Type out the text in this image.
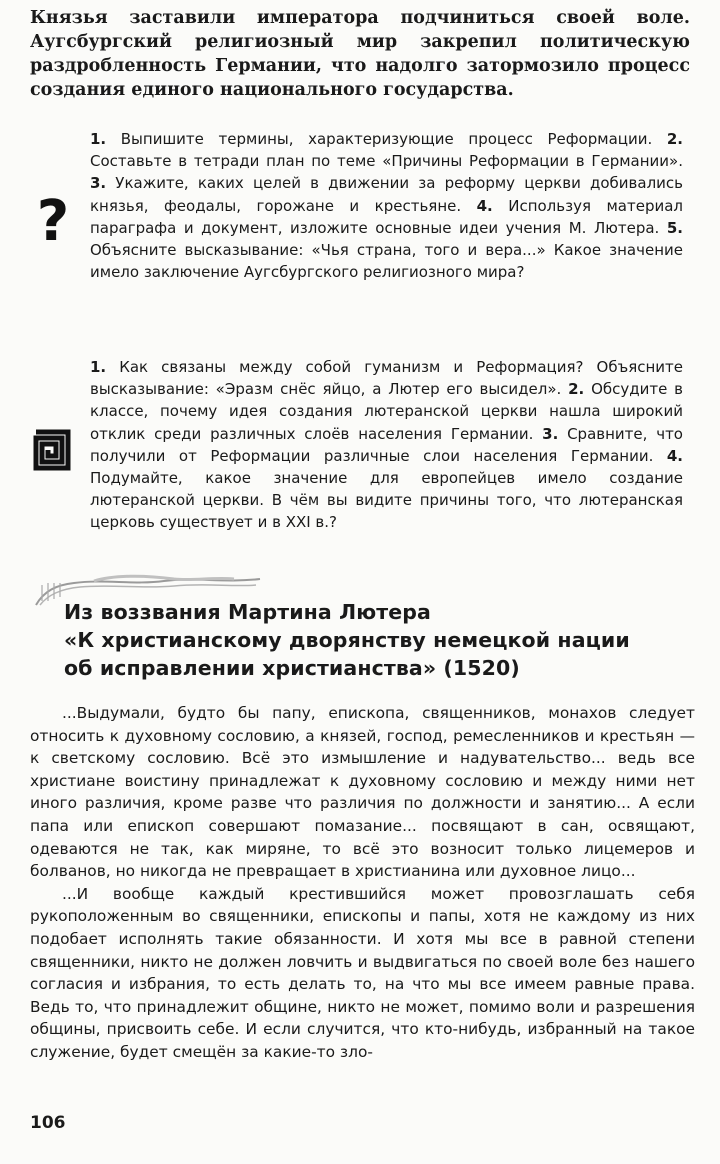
Князья заставили императора подчиниться своей воле. Аугсбургский религиозный мир закрепил политическую раздробленность Германии, что надолго затормозило процесс создания единого национального государства.

?

1. Выпишите термины, характеризующие процесс Реформации. 2. Составьте в тетради план по теме «Причины Реформации в Германии». 3. Укажите, каких целей в движении за реформу церкви добивались князья, феодалы, горожане и крестьяне. 4. Используя материал параграфа и документ, изложите основные идеи учения М. Лютера. 5. Объясните высказывание: «Чья страна, того и вера...» Какое значение имело заключение Аугсбургского религиозного мира?

1. Как связаны между собой гуманизм и Реформация? Объясните высказывание: «Эразм снёс яйцо, а Лютер его высидел». 2. Обсудите в классе, почему идея создания лютеранской церкви нашла широкий отклик среди различных слоёв населения Германии. 3. Сравните, что получили от Реформации различные слои населения Германии. 4. Подумайте, какое значение для европейцев имело создание лютеранской церкви. В чём вы видите причины того, что лютеранская церковь существует и в XXI в.?

Из воззвания Мартина Лютера
«К христианскому дворянству немецкой нации
об исправлении христианства» (1520)

...Выдумали, будто бы папу, епископа, священников, монахов следует относить к духовному сословию, а князей, господ, ремесленников и крестьян — к светскому сословию. Всё это измышление и надувательство... ведь все христиане воистину принадлежат к духовному сословию и между ними нет иного различия, кроме разве что различия по должности и занятию... А если папа или епископ совершают помазание... посвящают в сан, освящают, одеваются не так, как миряне, то всё это возносит только лицемеров и болванов, но никогда не превращает в христианина или духовное лицо...

...И вообще каждый крестившийся может провозглашать себя рукоположенным во священники, епископы и папы, хотя не каждому из них подобает исполнять такие обязанности. И хотя мы все в равной степени священники, никто не должен ловчить и выдвигаться по своей воле без нашего согласия и избрания, то есть делать то, на что мы все имеем равные права. Ведь то, что принадлежит общине, никто не может, помимо воли и разрешения общины, присвоить себе. И если случится, что кто-нибудь, избранный на такое служение, будет смещён за какие-то зло-

106
